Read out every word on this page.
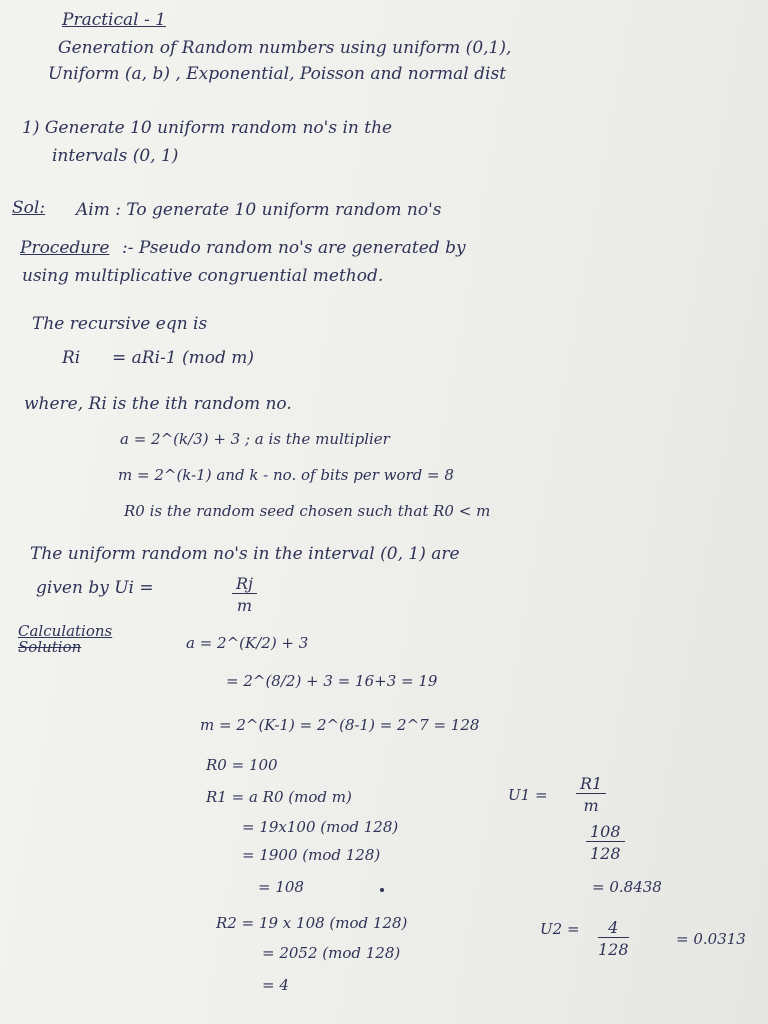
Practical - 1
Generation of Random numbers using uniform (0,1),
Uniform (a, b) , Exponential, Poisson and normal dist
1) Generate 10 uniform random no's in the
intervals (0, 1)
Sol: Aim : To generate 10 uniform random no's
Procedure :- Pseudo random no's are generated by
using multiplicative congruential method.
The recursive eqn is
Ri = aRi-1 (mod m)
where, Ri is the ith random no.
a = 2^(k/3) + 3 ; a is the multiplier
m = 2^(k-1) and k - no. of bits per word = 8
R0 is the random seed chosen such that R0 < m
The uniform random no's in the interval (0, 1) are
given by Ui =	$\frac{Rj}{m}$
Calculations
Solution	a = 2^(K/2) + 3
= 2^(8/2) + 3 = 16+3 = 19
m = 2^(K-1) = 2^(8-1) = 2^7 = 128
R0 = 100
R1 = a R0 (mod m)
= 19x100 (mod 128)
= 1900 (mod 128)
= 108
$U1 = \frac{R1}{m}$
$\frac{108}{128}$
= 0.8438
R2 = 19 x 108 (mod 128)
= 2052 (mod 128)
= 4
$U2 = \frac{4}{128}$	= 0.0313
